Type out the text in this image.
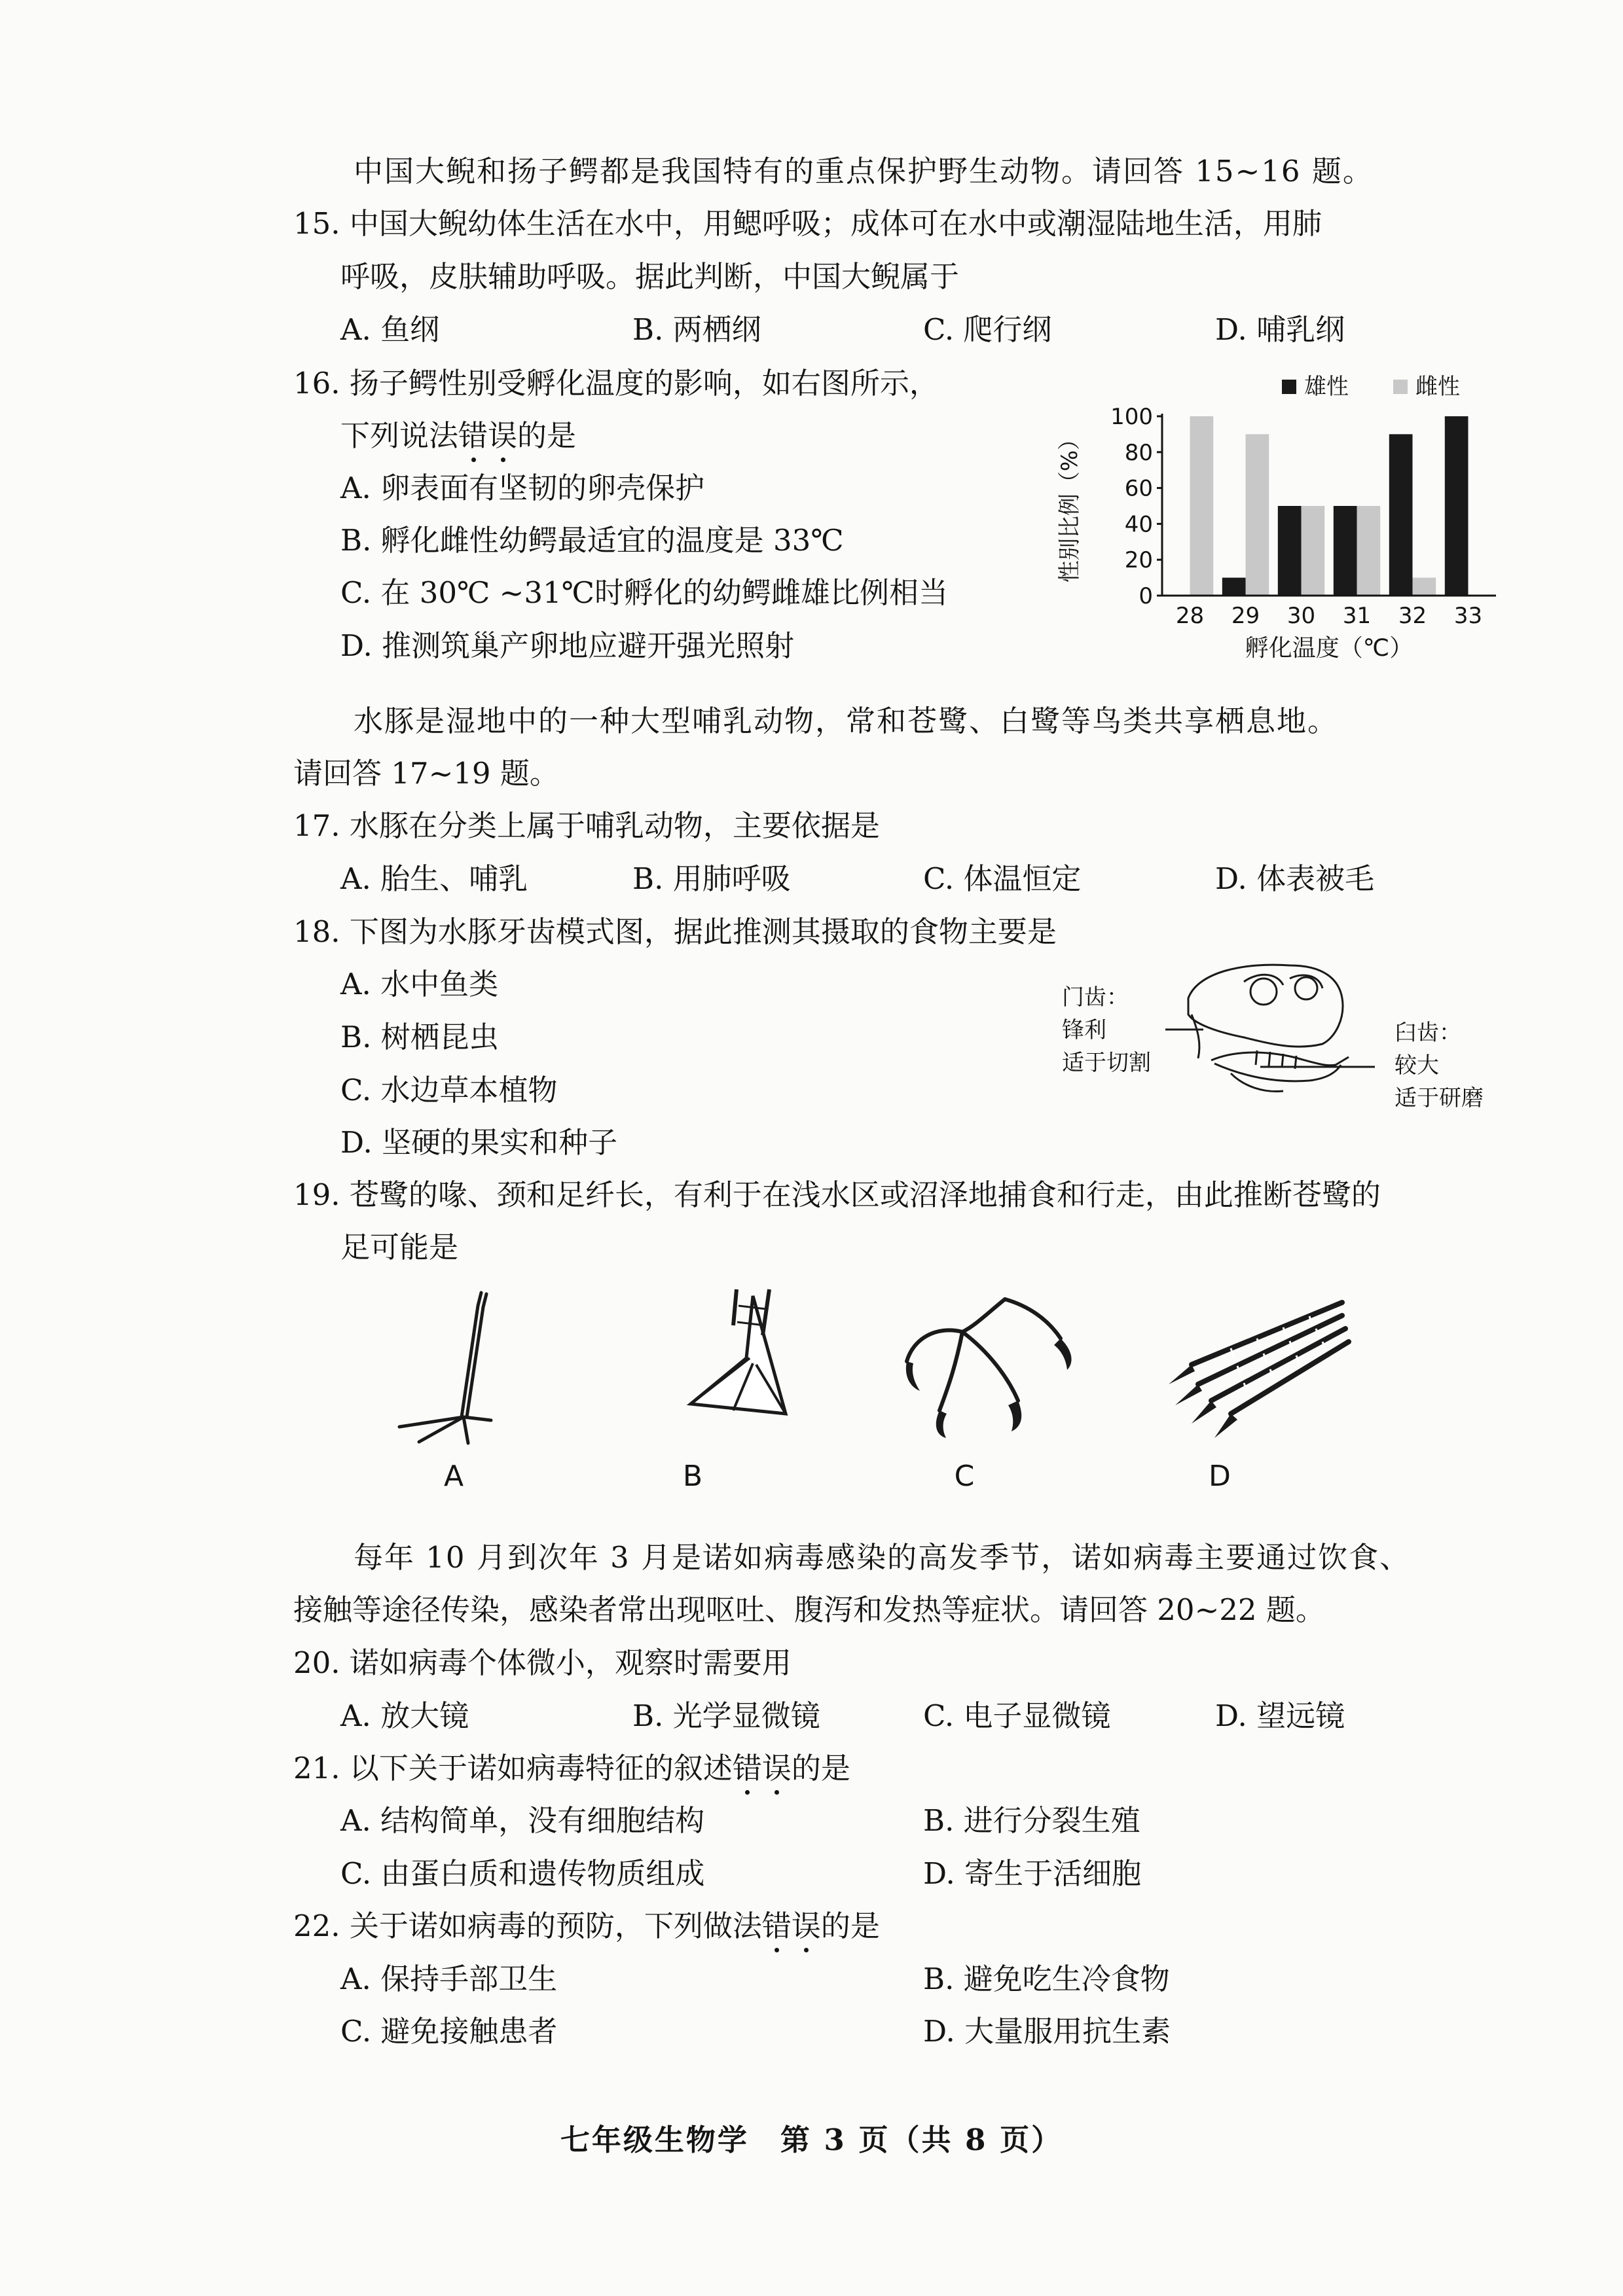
中国大鲵和扬子鳄都是我国特有的重点保护野生动物。请回答 15~16 题。
15. 中国大鲵幼体生活在水中，用鳃呼吸；成体可在水中或潮湿陆地生活，用肺
呼吸，皮肤辅助呼吸。据此判断，中国大鲵属于
A. 鱼纲	B. 两栖纲	C. 爬行纲	D. 哺乳纲
16. 扬子鳄性别受孵化温度的影响，如右图所示，
下列说法错误的是
A. 卵表面有坚韧的卵壳保护
B. 孵化雌性幼鳄最适宜的温度是 33℃
C. 在 30℃ ~31℃时孵化的幼鳄雌雄比例相当
D. 推测筑巢产卵地应避开强光照射
28 29 30 31 32 33
0
20
40
60
80
100
雄性	雌性
性别比例（%）
孵化温度（℃）
水豚是湿地中的一种大型哺乳动物，常和苍鹭、白鹭等鸟类共享栖息地。
请回答 17~19 题。
17. 水豚在分类上属于哺乳动物，主要依据是
A. 胎生、哺乳	B. 用肺呼吸	C. 体温恒定	D. 体表被毛
18. 下图为水豚牙齿模式图，据此推测其摄取的食物主要是
A. 水中鱼类
B. 树栖昆虫
C. 水边草本植物
D. 坚硬的果实和种子
门齿：
锋利
适于切割
臼齿：
较大
适于研磨
19. 苍鹭的喙、颈和足纤长，有利于在浅水区或沼泽地捕食和行走，由此推断苍鹭的
足可能是
A	B	C	D
每年 10 月到次年 3 月是诺如病毒感染的高发季节，诺如病毒主要通过饮食、
接触等途径传染，感染者常出现呕吐、腹泻和发热等症状。请回答 20~22 题。
20. 诺如病毒个体微小，观察时需要用
A. 放大镜	B. 光学显微镜	C. 电子显微镜	D. 望远镜
21. 以下关于诺如病毒特征的叙述错误的是
A. 结构简单，没有细胞结构	B. 进行分裂生殖
C. 由蛋白质和遗传物质组成	D. 寄生于活细胞
22. 关于诺如病毒的预防，下列做法错误的是
A. 保持手部卫生	B. 避免吃生冷食物
C. 避免接触患者	D. 大量服用抗生素
七年级生物学　第 3 页（共 8 页）
